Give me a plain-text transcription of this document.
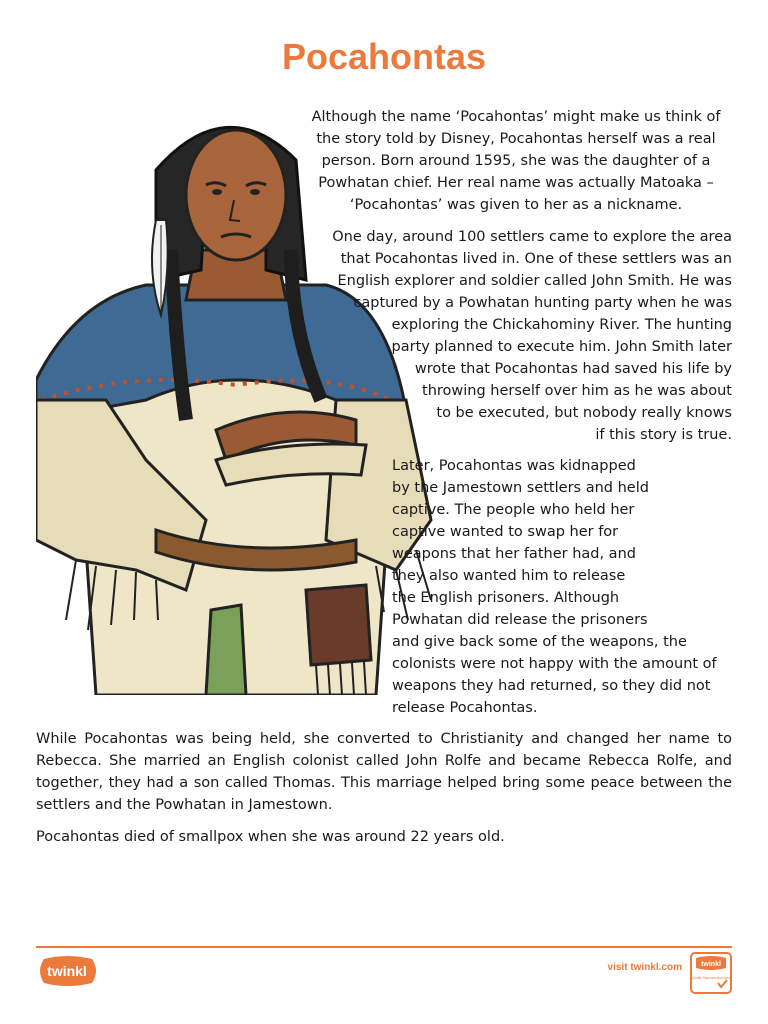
Pocahontas

Although the name ‘Pocahontas’ might make us think of the story told by Disney, Pocahontas herself was a real person. Born around 1595, she was the daughter of a Powhatan chief. Her real name was actually Matoaka – ‘Pocahontas’ was given to her as a nickname.

One day, around 100 settlers came to explore the area
that Pocahontas lived in. One of these settlers was an
English explorer and soldier called John Smith. He was
captured by a Powhatan hunting party when he was
exploring the Chickahominy River. The hunting
party planned to execute him. John Smith later
wrote that Pocahontas had saved his life by
throwing herself over him as he was about
to be executed, but nobody really knows
if this story is true.

Later, Pocahontas was kidnapped
by the Jamestown settlers and held
captive. The people who held her
captive wanted to swap her for
weapons that her father had, and
they also wanted him to release
the English prisoners. Although
Powhatan did release the prisoners
and give back some of the weapons, the
colonists were not happy with the amount of
weapons they had returned, so they did not
release Pocahontas.

While Pocahontas was being held, she converted to Christianity and changed her name to Rebecca. She married an English colonist called John Rolfe and became Rebecca Rolfe, and together, they had a son called Thomas. This marriage helped bring some peace between the settlers and the Powhatan in Jamestown.

Pocahontas died of smallpox when she was around 22 years old.

twinkl	visit twinkl.com	twinkl
Quality Standard Approved
